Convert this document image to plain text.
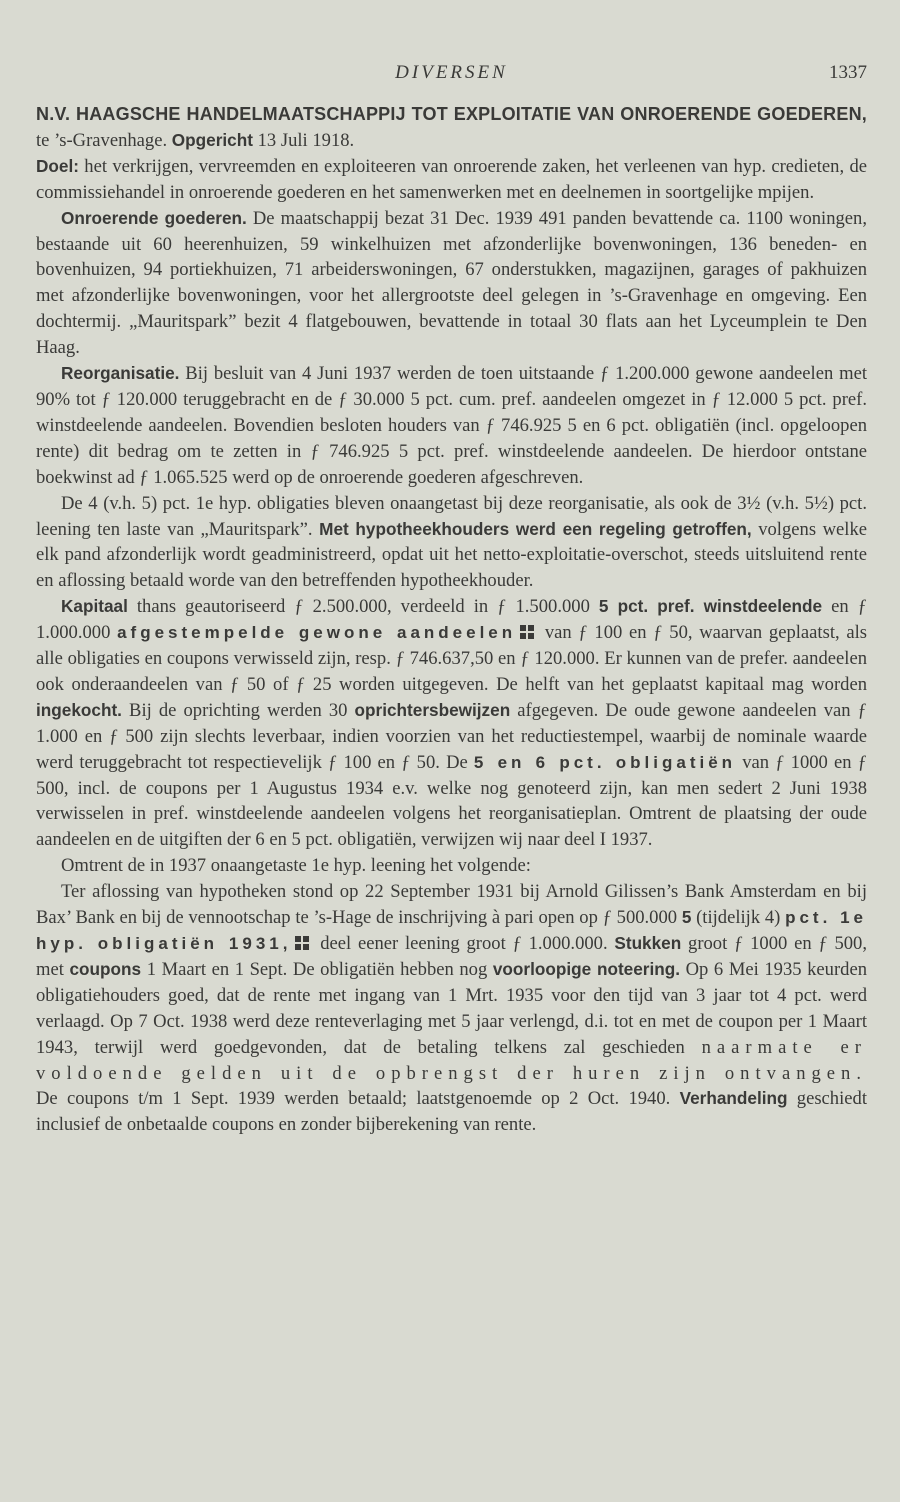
DIVERSEN	1337

N.V. HAAGSCHE HANDELMAATSCHAPPIJ TOT EXPLOITATIE VAN ONROERENDE GOEDEREN, te ’s-Gravenhage. Opgericht 13 Juli 1918.
Doel: het verkrijgen, vervreemden en exploiteeren van onroerende zaken, het verleenen van hyp. credieten, de commissiehandel in onroerende goederen en het samenwerken met en deelnemen in soortgelijke mpijen.

Onroerende goederen. De maatschappij bezat 31 Dec. 1939 491 panden bevattende ca. 1100 woningen, bestaande uit 60 heerenhuizen, 59 winkelhuizen met afzonderlijke bovenwoningen, 136 beneden- en bovenhuizen, 94 portiekhuizen, 71 arbeiderswoningen, 67 onderstukken, magazijnen, garages of pakhuizen met afzonderlijke bovenwoningen, voor het allergrootste deel gelegen in ’s-Gravenhage en omgeving. Een dochtermij. „Mauritspark” bezit 4 flatgebouwen, bevattende in totaal 30 flats aan het Lyceumplein te Den Haag.

Reorganisatie. Bij besluit van 4 Juni 1937 werden de toen uitstaande ƒ 1.200.000 gewone aandeelen met 90% tot ƒ 120.000 teruggebracht en de ƒ 30.000 5 pct. cum. pref. aandeelen omgezet in ƒ 12.000 5 pct. pref. winstdeelende aandeelen. Bovendien besloten houders van ƒ 746.925 5 en 6 pct. obligatiën (incl. opgeloopen rente) dit bedrag om te zetten in ƒ 746.925 5 pct. pref. winstdeelende aandeelen. De hierdoor ontstane boekwinst ad ƒ 1.065.525 werd op de onroerende goederen afgeschreven.

De 4 (v.h. 5) pct. 1e hyp. obligaties bleven onaangetast bij deze reorganisatie, als ook de 3½ (v.h. 5½) pct. leening ten laste van „Mauritspark”. Met hypotheekhouders werd een regeling getroffen, volgens welke elk pand afzonderlijk wordt geadministreerd, opdat uit het netto-exploitatie-overschot, steeds uitsluitend rente en aflossing betaald worde van den betreffenden hypotheekhouder.

Kapitaal thans geautoriseerd ƒ 2.500.000, verdeeld in ƒ 1.500.000 5 pct. pref. winstdeelende en ƒ 1.000.000 afgestempelde gewone aandeelen van ƒ 100 en ƒ 50, waarvan geplaatst, als alle obligaties en coupons verwisseld zijn, resp. ƒ 746.637,50 en ƒ 120.000. Er kunnen van de prefer. aandeelen ook onderaandeelen van ƒ 50 of ƒ 25 worden uitgegeven. De helft van het geplaatst kapitaal mag worden ingekocht. Bij de oprichting werden 30 oprichtersbewijzen afgegeven. De oude gewone aandeelen van ƒ 1.000 en ƒ 500 zijn slechts leverbaar, indien voorzien van het reductiestempel, waarbij de nominale waarde werd teruggebracht tot respectievelijk ƒ 100 en ƒ 50. De 5 en 6 pct. obligatiën van ƒ 1000 en ƒ 500, incl. de coupons per 1 Augustus 1934 e.v. welke nog genoteerd zijn, kan men sedert 2 Juni 1938 verwisselen in pref. winstdeelende aandeelen volgens het reorganisatieplan. Omtrent de plaatsing der oude aandeelen en de uitgiften der 6 en 5 pct. obligatiën, verwijzen wij naar deel I 1937.

Omtrent de in 1937 onaangetaste 1e hyp. leening het volgende:

Ter aflossing van hypotheken stond op 22 September 1931 bij Arnold Gilissen’s Bank Amsterdam en bij Bax’ Bank en bij de vennootschap te ’s-Hage de inschrijving à pari open op ƒ 500.000 5 (tijdelijk 4) pct. 1e hyp. obligatiën 1931, deel eener leening groot ƒ 1.000.000. Stukken groot ƒ 1000 en ƒ 500, met coupons 1 Maart en 1 Sept. De obligatiën hebben nog voorloopige noteering. Op 6 Mei 1935 keurden obligatiehouders goed, dat de rente met ingang van 1 Mrt. 1935 voor den tijd van 3 jaar tot 4 pct. werd verlaagd. Op 7 Oct. 1938 werd deze renteverlaging met 5 jaar verlengd, d.i. tot en met de coupon per 1 Maart 1943, terwijl werd goedgevonden, dat de betaling telkens zal geschieden naarmate er voldoende gelden uit de opbrengst der huren zijn ontvangen. De coupons t/m 1 Sept. 1939 werden betaald; laatstgenoemde op 2 Oct. 1940. Verhandeling geschiedt inclusief de onbetaalde coupons en zonder bijberekening van rente.
